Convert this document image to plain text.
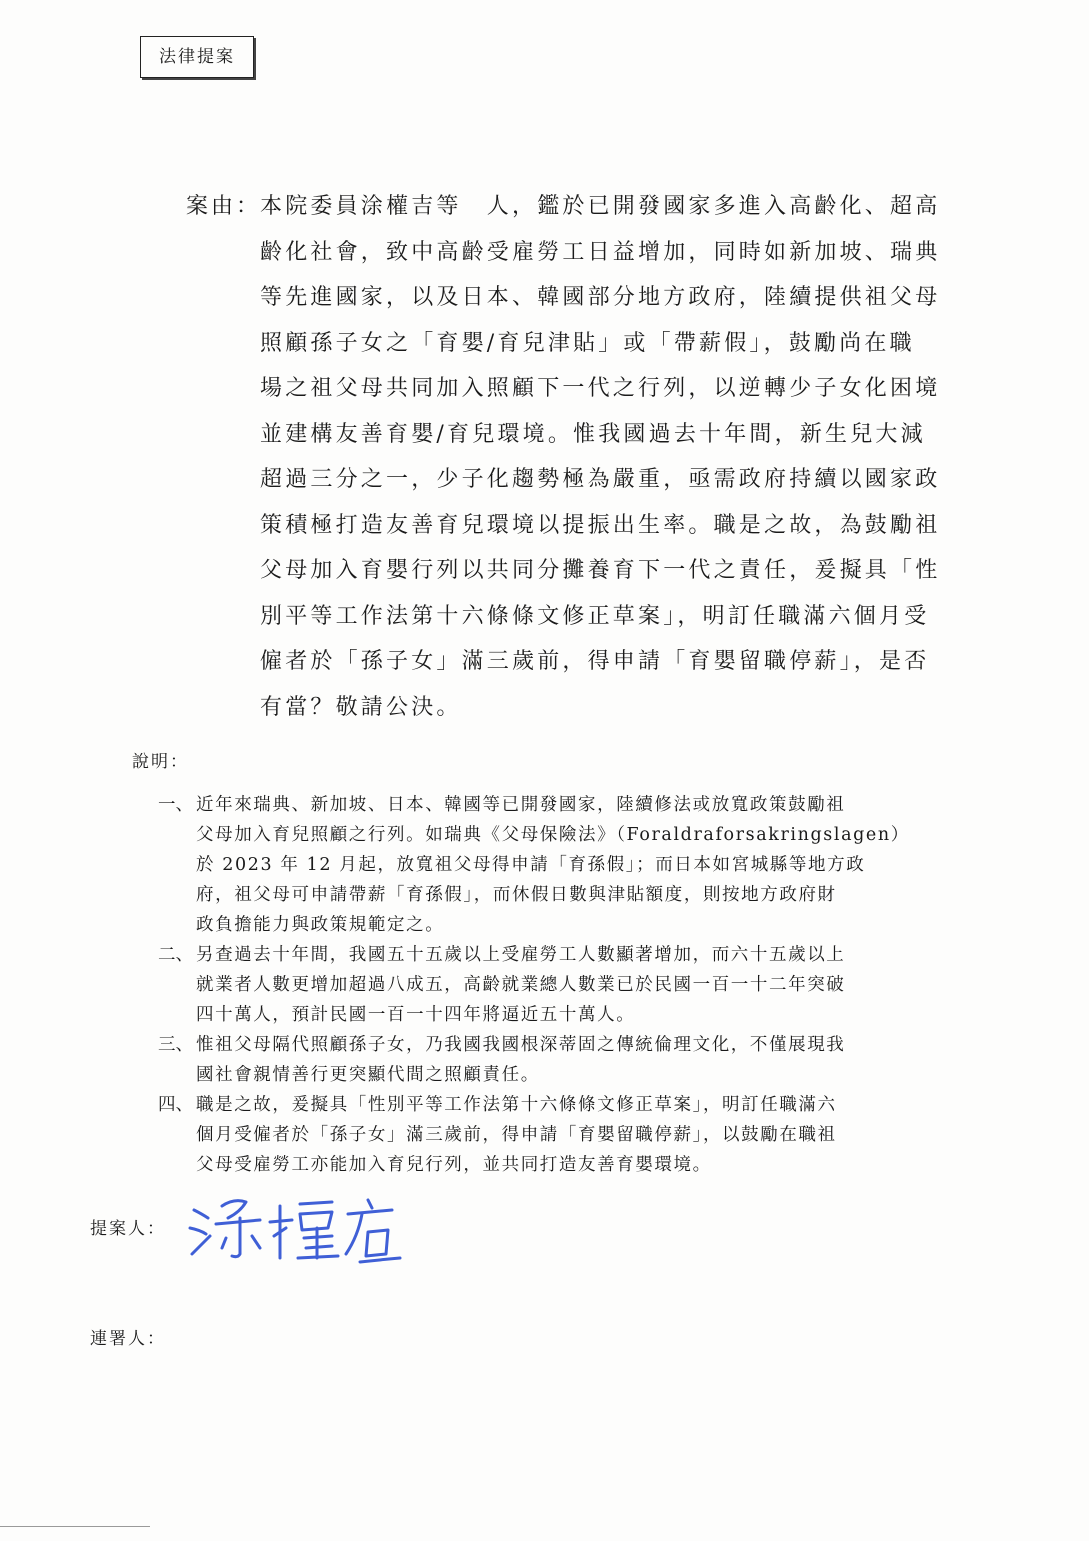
法律提案
案由：
本院委員涂權吉等　人，鑑於已開發國家多進入高齡化、超高
齡化社會，致中高齡受雇勞工日益增加，同時如新加坡、瑞典
等先進國家，以及日本、韓國部分地方政府，陸續提供祖父母
照顧孫子女之「育嬰/育兒津貼」或「帶薪假」，鼓勵尚在職
場之祖父母共同加入照顧下一代之行列，以逆轉少子女化困境
並建構友善育嬰/育兒環境。惟我國過去十年間，新生兒大減
超過三分之一，少子化趨勢極為嚴重，亟需政府持續以國家政
策積極打造友善育兒環境以提振出生率。職是之故，為鼓勵祖
父母加入育嬰行列以共同分攤養育下一代之責任，爰擬具「性
別平等工作法第十六條條文修正草案」，明訂任職滿六個月受
僱者於「孫子女」滿三歲前，得申請「育嬰留職停薪」，是否
有當？敬請公決。
說明：
一、 近年來瑞典、新加坡、日本、韓國等已開發國家，陸續修法或放寬政策鼓勵祖
父母加入育兒照顧之行列。如瑞典《父母保險法》（Foraldraforsakringslagen）
於 2023 年 12 月起，放寬祖父母得申請「育孫假」；而日本如宮城縣等地方政
府，祖父母可申請帶薪「育孫假」，而休假日數與津貼額度，則按地方政府財
政負擔能力與政策規範定之。
二、 另查過去十年間，我國五十五歲以上受雇勞工人數顯著增加，而六十五歲以上
就業者人數更增加超過八成五，高齡就業總人數業已於民國一百一十二年突破
四十萬人，預計民國一百一十四年將逼近五十萬人。
三、 惟祖父母隔代照顧孫子女，乃我國我國根深蒂固之傳統倫理文化，不僅展現我
國社會親情善行更突顯代間之照顧責任。
四、 職是之故，爰擬具「性別平等工作法第十六條條文修正草案」，明訂任職滿六
個月受僱者於「孫子女」滿三歲前，得申請「育嬰留職停薪」，以鼓勵在職祖
父母受雇勞工亦能加入育兒行列，並共同打造友善育嬰環境。
提案人：
連署人：
